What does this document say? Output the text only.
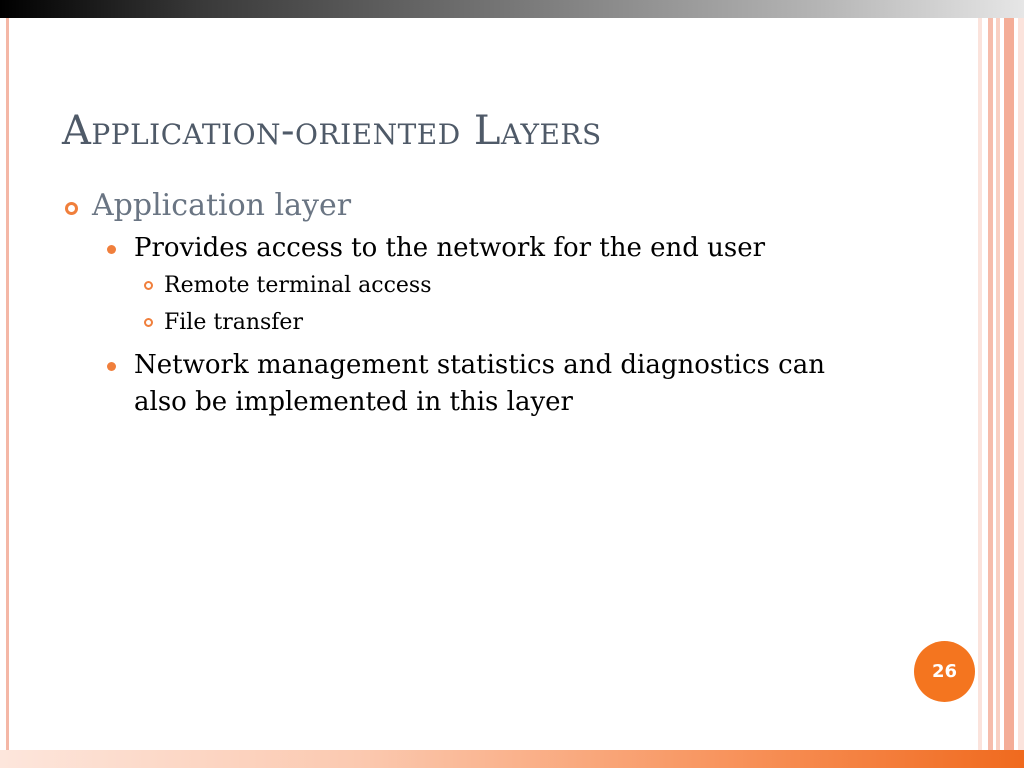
Application-oriented Layers
Application layer
Provides access to the network for the end user
Remote terminal access
File transfer
Network management statistics and diagnostics can also be implemented in this layer
26
